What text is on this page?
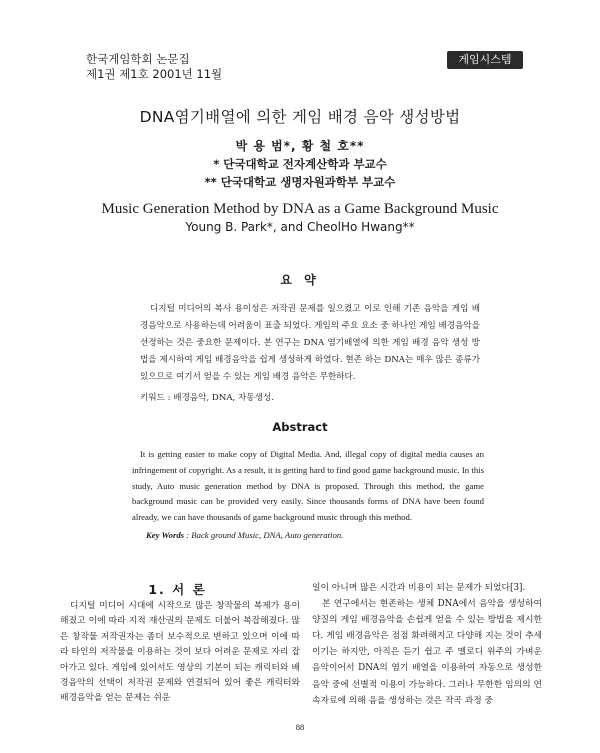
한국게임학회 논문집
제1권 제1호 2001년 11월
게임시스템
DNA염기배열에 의한 게임 배경 음악 생성방법
박 용 범*, 황 철 호**
* 단국대학교 전자계산학과 부교수
** 단국대학교 생명자원과학부 부교수
Music Generation Method by DNA as a Game Background Music
Young B. Park*, and CheolHo Hwang**
요 약
디지털 미디어의 복사 용이성은 저작권 문제를 일으켰고 이로 인해 기존 음악을 게임 배경음악으로 사용하는데 어려움이 표출 되었다. 게임의 주요 요소 중 하나인 게임 배경음악을 선정하는 것은 중요한 문제이다. 본 연구는 DNA 염기배열에 의한 게임 배경 음악 생성 방법을 제시하여 게임 배경음악을 쉽게 생성하게 하였다. 현존 하는 DNA는 매우 많은 종류가 있으므로 여기서 얻을 수 있는 게임 배경 음악은 무한하다.
키워드 : 배경음악, DNA, 자동생성.
Abstract
It is getting easier to make copy of Digital Media. And, illegal copy of digital media causes an infringement of copyright. As a result, it is getting hard to find good game background music. In this study, Auto music generation method by DNA is proposed. Through this method, the game background music can be provided very easily. Since thousands forms of DNA have been found already, we can have thousands of game background music through this method.
Key Words : Back ground Music, DNA, Auto generation.
1. 서 론
디지털 미디어 시대에 시작으로 많은 창작물의 복제가 용이해졌고 이에 따라 지적 재산권의 문제도 더불어 복잡해졌다. 많은 창작물 저작권자는 좀더 보수적으로 변하고 있으며 이에 따라 타인의 저작물을 이용하는 것이 보다 어려운 문제로 자리 잡아가고 있다. 게임에 있어서도 영상의 기본이 되는 캐릭터와 배경음악의 선택이 저작권 문제와 연결되어 있어 좋은 캐릭터와 배경음악을 얻는 문제는 쉬운
일이 아니며 많은 시간과 비용이 되는 문제가 되었다[3].
본 연구에서는 현존하는 생체 DNA에서 음악을 생성하여 양질의 게임 배경음악을 손쉽게 얻을 수 있는 방법을 제시한다. 게임 배경음악은 점점 화려해지고 다양해 지는 것이 추세이기는 하지만, 아직은 듣기 쉽고 주 멜로디 위주의 가벼운 음악이어서 DNA의 염기 배열을 이용하여 자동으로 생성한 음악 중에 선별적 이용이 가능하다. 그러나 무한한 임의의 연속자료에 의해 음을 생성하는 것은 작곡 과정 중
88
